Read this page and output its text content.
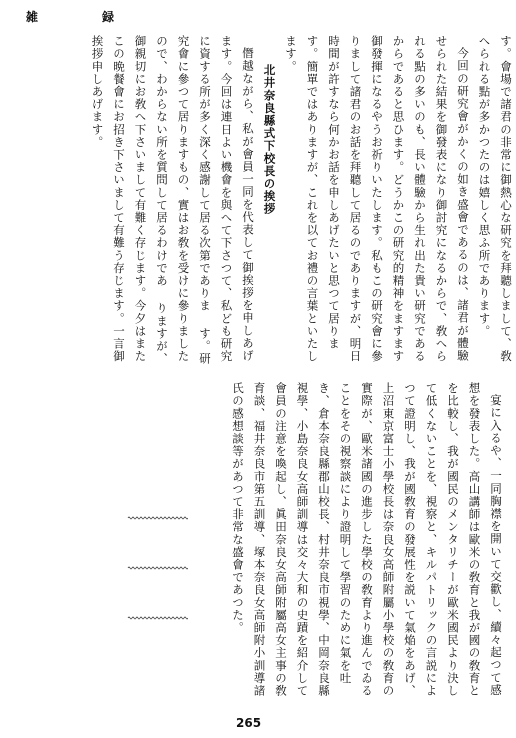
雑	録

す。會場で諸君の非常に御熱心な研究を拜聽しまして、敎へられる點が多かつたのは嬉しく思ふ所であります。

今回の研究會がかくの如き盛會であるのは、諸君が體驗せられた結果を御發表になり御討究になるからで、敎へられる點の多いのも、長い體驗から生れ出た貴い研究であるからであると思ひます。どうかこの研究的精神をますます御發揮になるやうお祈りいたします。私もこの研究會に參りまして諸君のお話を拜聽して居るのでありますが、明日時間が許すなら何かお話を申しあげたいと思つて居ります。簡單ではありますが、これを以てお禮の言葉といたします。

北井奈良縣式下校長の挨拶

僭越ながら、私が會員一同を代表して御挨拶を申しあげます。今回は連日よい機會を與へて下さつて、私ども研究に資する所が多く深く感謝して居る次第でありま す。研究會に參つて居りますもの、實はお敎を受けに參りましたので、わからない所を質問して居るわけであ りますが、御親切にお敎へ下さいまして有難く存じます。今夕はまたこの晩餐會にお招き下さいまして有難う存じます。一言御挨拶申しあげます。

宴に入るや、一同胸襟を開いて交歡し、續々起つて感想を發表した。高山講師は歐米の敎育と我が國の敎育とを比較し、我が國民のメンタリチーが歐米國民より決して低くないことを、視察と、キルパトリックの言説によつて證明し、我が國敎育の發展性を説いて氣焔をあげ、上沼東京富士小學校長は奈良女高師附屬小學校の敎育の實際が、歐米諸國の進步した學校の敎育より進んでゐることをその視察談により證明して學習のために氣を吐き、倉本奈良縣郡山校長、村井奈良市視學、中岡奈良縣視學、小島奈良女高師訓導は交々大和の史蹟を紹介して會員の注意を喚起し、眞田奈良女高師附屬高女主事の敎育談、福井奈良市第五訓導、塚本奈良女高師附小訓導諸氏の感想談等があつて非常な盛會であつた。

265
